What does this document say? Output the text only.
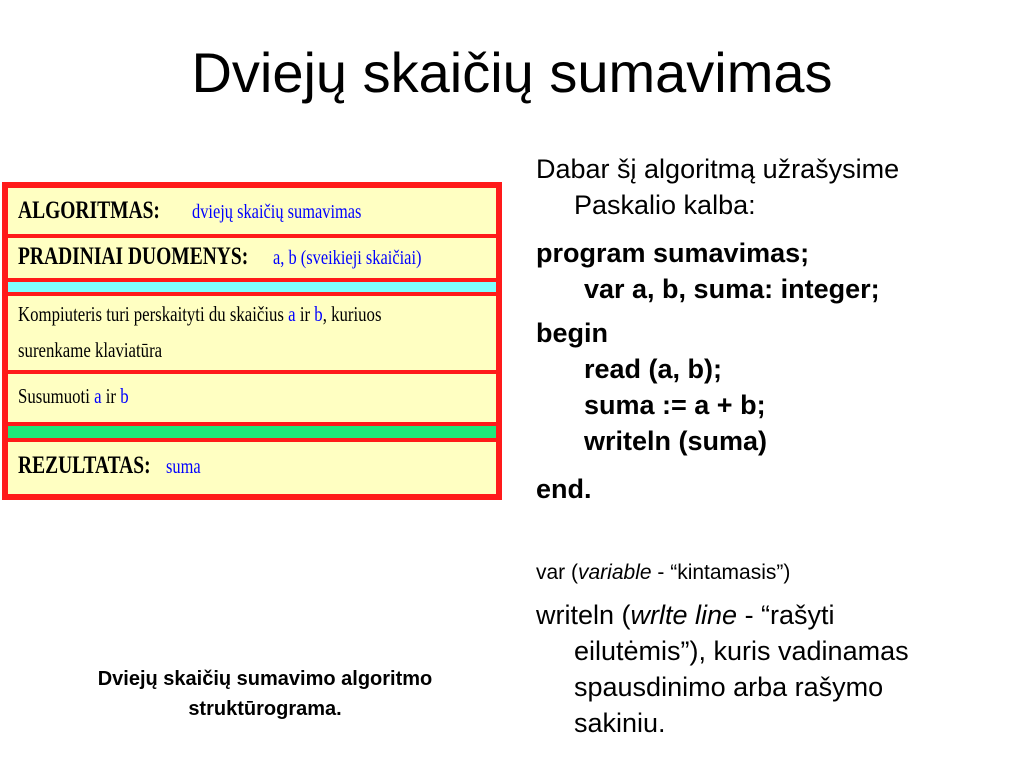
Dviejų skaičių sumavimas
ALGORITMAS: dviejų skaičių sumavimas
PRADINIAI DUOMENYS: a, b (sveikieji skaičiai)
Kompiuteris turi perskaityti du skaičius a ir b, kuriuos
surenkame klaviatūra
Susumuoti a ir b
REZULTATAS: suma
Dviejų skaičių sumavimo algoritmo
struktūrograma.
Dabar šį algoritmą užrašysime
Paskalio kalba:
program sumavimas;
var a, b, suma: integer;
begin
read (a, b);
suma := a + b;
writeln (suma)
end.
var (variable - “kintamasis”)
writeln (wrlte line - “rašyti
eilutėmis”), kuris vadinamas
spausdinimo arba rašymo
sakiniu.
